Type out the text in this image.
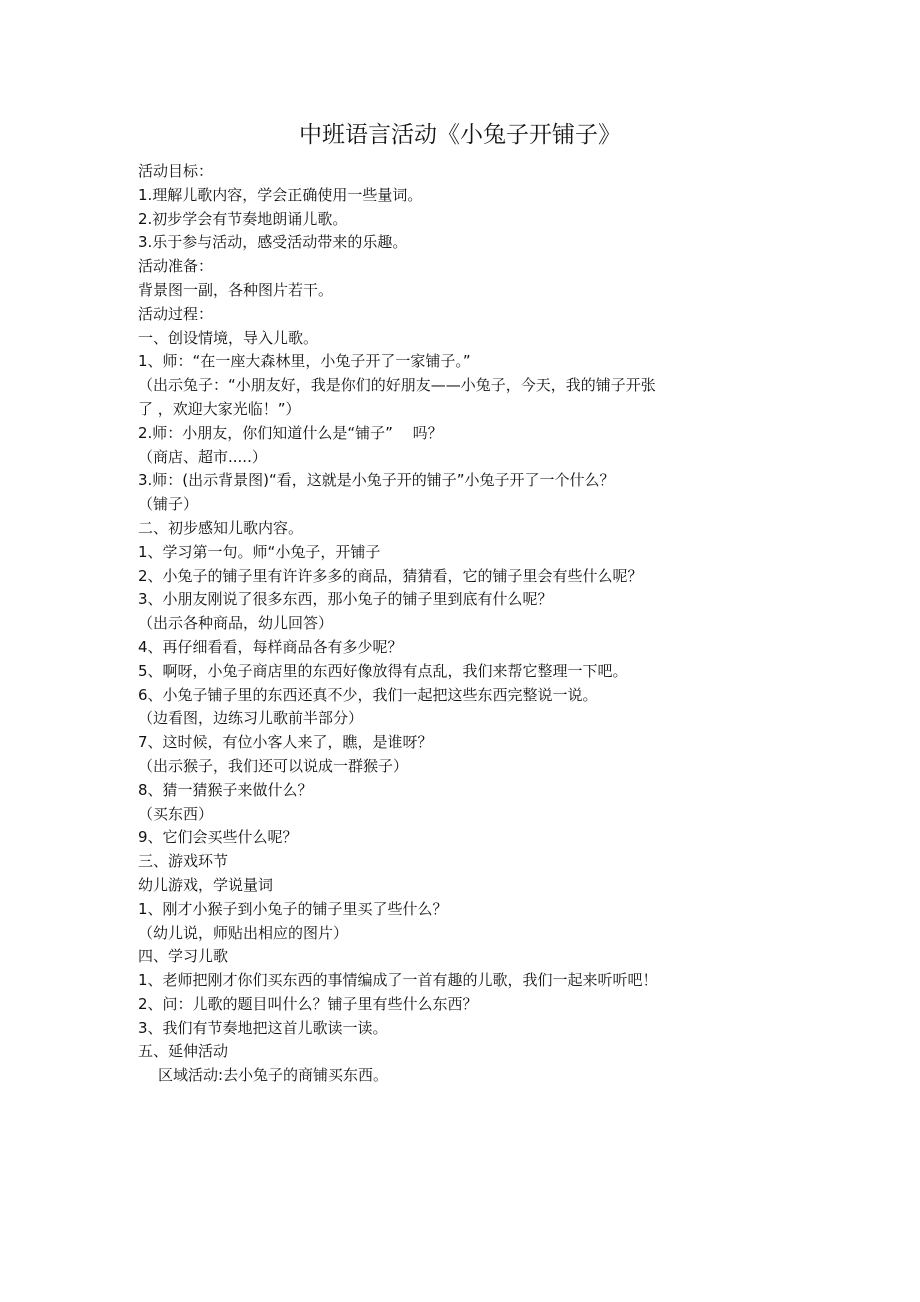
中班语言活动《小兔子开铺子》
活动目标：
1.理解儿歌内容，学会正确使用一些量词。
2.初步学会有节奏地朗诵儿歌。
3.乐于参与活动，感受活动带来的乐趣。
活动准备：
背景图一副，各种图片若干。
活动过程：
一、创设情境，导入儿歌。
1、师：“在一座大森林里，小兔子开了一家铺子。”
（出示兔子：“小朋友好，我是你们的好朋友——小兔子，今天，我的铺子开张
了 ，欢迎大家光临！”）
2.师：小朋友，你们知道什么是“铺子”　 吗？
（商店、超市.....）
3.师：(出示背景图)“看，这就是小兔子开的铺子”小兔子开了一个什么？
（铺子）
二、初步感知儿歌内容。
1、学习第一句。师“小兔子，开铺子
2、小兔子的铺子里有许许多多的商品，猜猜看，它的铺子里会有些什么呢？
3、小朋友刚说了很多东西，那小兔子的铺子里到底有什么呢？
（出示各种商品，幼儿回答）
4、再仔细看看，每样商品各有多少呢？
5、啊呀，小兔子商店里的东西好像放得有点乱，我们来帮它整理一下吧。
6、小兔子铺子里的东西还真不少，我们一起把这些东西完整说一说。
（边看图，边练习儿歌前半部分）
7、这时候，有位小客人来了，瞧，是谁呀？
（出示猴子，我们还可以说成一群猴子）
8、猜一猜猴子来做什么？
（买东西）
9、它们会买些什么呢？
三、游戏环节
幼儿游戏，学说量词
1、刚才小猴子到小兔子的铺子里买了些什么？
（幼儿说，师贴出相应的图片）
四、学习儿歌
1、老师把刚才你们买东西的事情编成了一首有趣的儿歌，我们一起来听听吧！
2、问：儿歌的题目叫什么？铺子里有些什么东西？
3、我们有节奏地把这首儿歌读一读。
五、延伸活动
区域活动:去小兔子的商铺买东西。
